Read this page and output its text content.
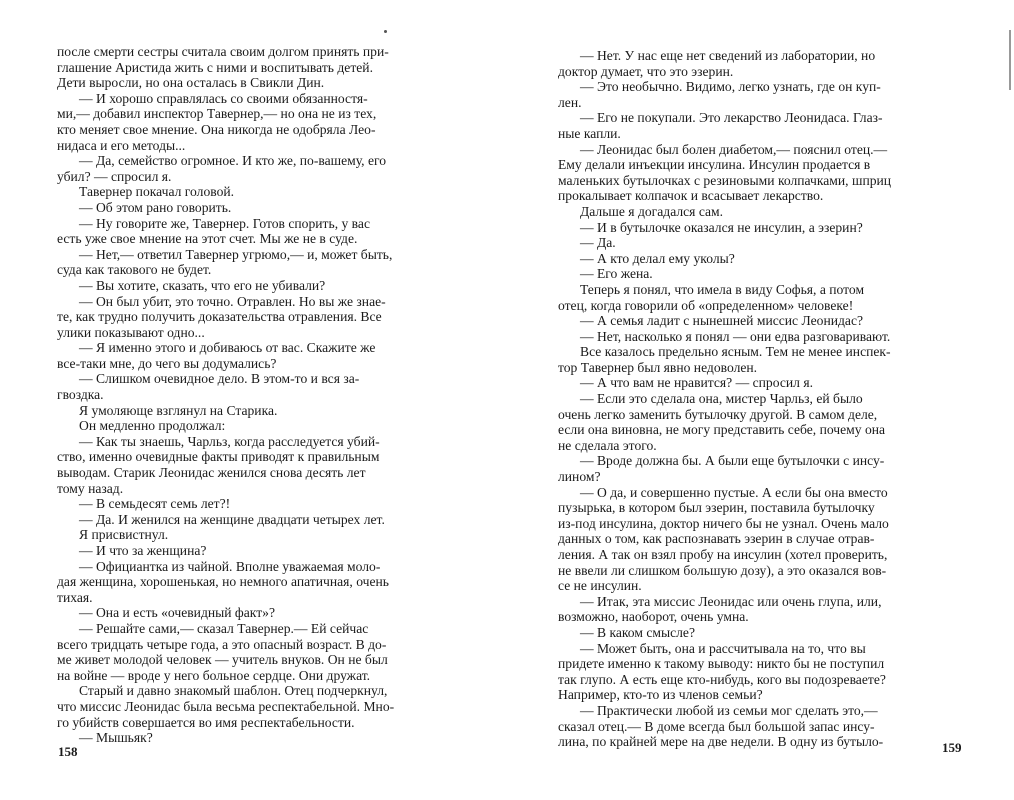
после смерти сестры считала своим долгом принять при-
глашение Аристида жить с ними и воспитывать детей.
Дети выросли, но она осталась в Свикли Дин.
— И хорошо справлялась со своими обязанностя-
ми,— добавил инспектор Тавернер,— но она не из тех,
кто меняет свое мнение. Она никогда не одобряла Лео-
нидаса и его методы...
— Да, семейство огромное. И кто же, по-вашему, его
убил? — спросил я.
Тавернер покачал головой.
— Об этом рано говорить.
— Ну говорите же, Тавернер. Готов спорить, у вас
есть уже свое мнение на этот счет. Мы же не в суде.
— Нет,— ответил Тавернер угрюмо,— и, может быть,
суда как такового не будет.
— Вы хотите, сказать, что его не убивали?
— Он был убит, это точно. Отравлен. Но вы же знае-
те, как трудно получить доказательства отравления. Все
улики показывают одно...
— Я именно этого и добиваюсь от вас. Скажите же
все-таки мне, до чего вы додумались?
— Слишком очевидное дело. В этом-то и вся за-
гвоздка.
Я умоляюще взглянул на Старика.
Он медленно продолжал:
— Как ты знаешь, Чарльз, когда расследуется убий-
ство, именно очевидные факты приводят к правильным
выводам. Старик Леонидас женился снова десять лет
тому назад.
— В семьдесят семь лет?!
— Да. И женился на женщине двадцати четырех лет.
Я присвистнул.
— И что за женщина?
— Официантка из чайной. Вполне уважаемая моло-
дая женщина, хорошенькая, но немного апатичная, очень
тихая.
— Она и есть «очевидный факт»?
— Решайте сами,— сказал Тавернер.— Ей сейчас
всего тридцать четыре года, а это опасный возраст. В до-
ме живет молодой человек — учитель внуков. Он не был
на войне — вроде у него больное сердце. Они дружат.
Старый и давно знакомый шаблон. Отец подчеркнул,
что миссис Леонидас была весьма респектабельной. Мно-
го убийств совершается во имя респектабельности.
— Мышьяк?
158
— Нет. У нас еще нет сведений из лаборатории, но
доктор думает, что это эзерин.
— Это необычно. Видимо, легко узнать, где он куп-
лен.
— Его не покупали. Это лекарство Леонидаса. Глаз-
ные капли.
— Леонидас был болен диабетом,— пояснил отец.—
Ему делали инъекции инсулина. Инсулин продается в
маленьких бутылочках с резиновыми колпачками, шприц
прокалывает колпачок и всасывает лекарство.
Дальше я догадался сам.
— И в бутылочке оказался не инсулин, а эзерин?
— Да.
— А кто делал ему уколы?
— Его жена.
Теперь я понял, что имела в виду Софья, а потом
отец, когда говорили об «определенном» человеке!
— А семья ладит с нынешней миссис Леонидас?
— Нет, насколько я понял — они едва разговаривают.
Все казалось предельно ясным. Тем не менее инспек-
тор Тавернер был явно недоволен.
— А что вам не нравится? — спросил я.
— Если это сделала она, мистер Чарльз, ей было
очень легко заменить бутылочку другой. В самом деле,
если она виновна, не могу представить себе, почему она
не сделала этого.
— Вроде должна бы. А были еще бутылочки с инсу-
лином?
— О да, и совершенно пустые. А если бы она вместо
пузырька, в котором был эзерин, поставила бутылочку
из-под инсулина, доктор ничего бы не узнал. Очень мало
данных о том, как распознавать эзерин в случае отрав-
ления. А так он взял пробу на инсулин (хотел проверить,
не ввели ли слишком большую дозу), а это оказался вов-
се не инсулин.
— Итак, эта миссис Леонидас или очень глупа, или,
возможно, наоборот, очень умна.
— В каком смысле?
— Может быть, она и рассчитывала на то, что вы
придете именно к такому выводу: никто бы не поступил
так глупо. А есть еще кто-нибудь, кого вы подозреваете?
Например, кто-то из членов семьи?
— Практически любой из семьи мог сделать это,—
сказал отец.— В доме всегда был большой запас инсу-
лина, по крайней мере на две недели. В одну из бутыло-	159
